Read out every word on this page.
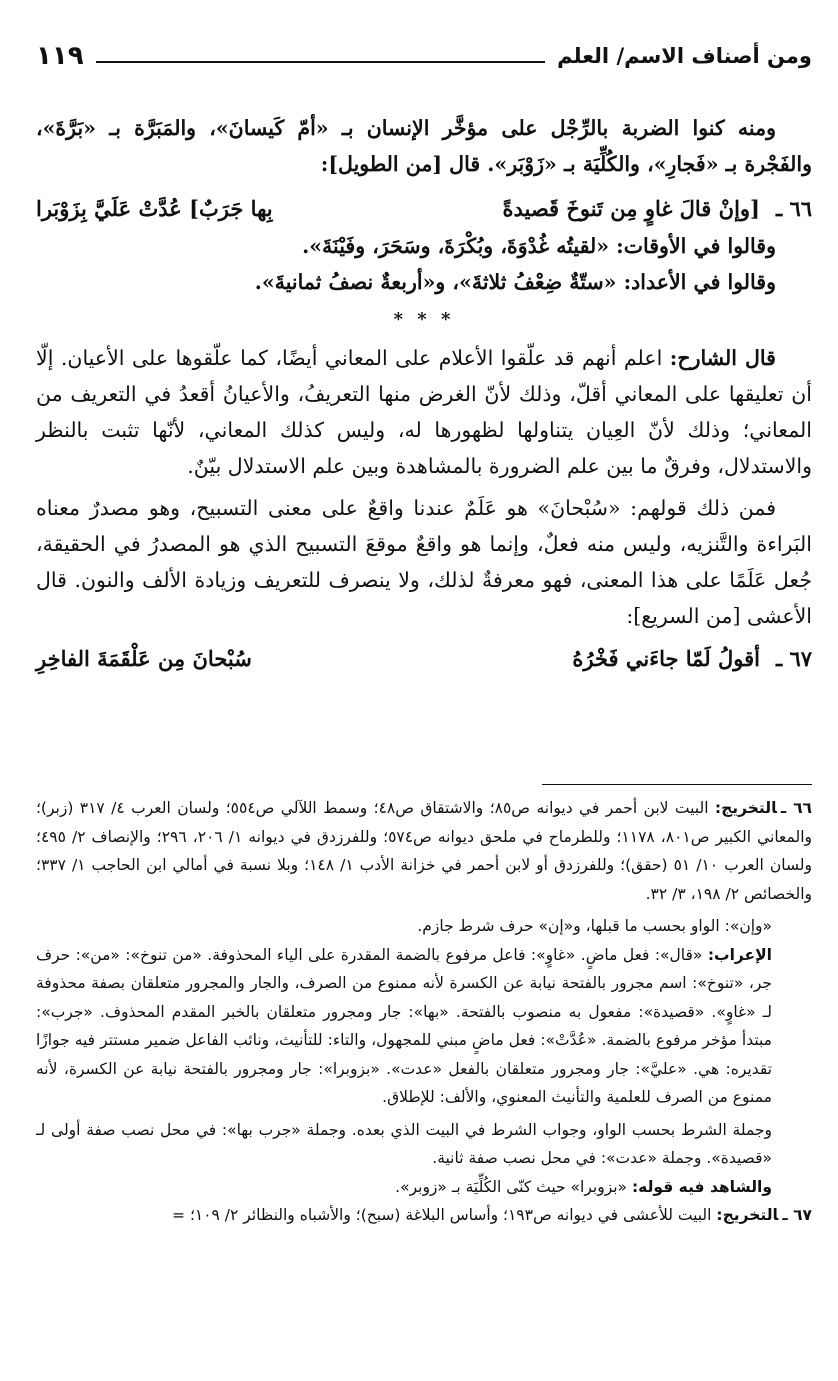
ومن أصناف الاسم/ العلم
١١٩

ومنه كنوا الضربة بالرِّجْل على مؤخَّر الإنسان بـ «أمّ كَيسانَ»، والمَبَرَّة بـ «بَرَّةَ»، والفَجْرة بـ «فَجارِ»، والكُلِّيَة بـ «زَوْبَر». قال [من الطويل]:

٦٦ ـ
[وإنْ قالَ غاوٍ مِن تَنوخَ قَصيدةً
بِها جَرَبٌ] عُدَّتْ عَلَيَّ بِزَوْبَرا

وقالوا في الأوقات: «لقيتُه غُدْوَةَ، وبُكْرَةَ، وسَحَرَ، وفَيْنَةَ».

وقالوا في الأعداد: «ستّةٌ ضِعْفُ ثلاثةَ»، و«أربعةٌ نصفُ ثمانيةَ».

* * *

قال الشارح: اعلم أنهم قد علّقوا الأعلام على المعاني أيضًا، كما علّقوها على الأعيان. إلّا أن تعليقها على المعاني أقلّ، وذلك لأنّ الغرض منها التعريفُ، والأعيانُ أقعدُ في التعريف من المعاني؛ وذلك لأنّ العِيان يتناولها لظهورها له، وليس كذلك المعاني، لأنّها تثبت بالنظر والاستدلال، وفرقٌ ما بين علم الضرورة بالمشاهدة وبين علم الاستدلال بيّنٌ.

فمن ذلك قولهم: «سُبْحانَ» هو عَلَمٌ عندنا واقعٌ على معنى التسبيح، وهو مصدرٌ معناه البَراءة والتَّنزيه، وليس منه فعلٌ، وإنما هو واقعٌ موقعَ التسبيح الذي هو المصدرُ في الحقيقة، جُعل عَلَمًا على هذا المعنى، فهو معرفةٌ لذلك، ولا ينصرف للتعريف وزيادة الألف والنون. قال الأعشى [من السريع]:

٦٧ ـ
أقولُ لَمّا جاءَني فَخْرُهُ
سُبْحانَ مِن عَلْقَمَةَ الفاخِرِ

٦٦ ـالتخريج: البيت لابن أحمر في ديوانه ص٨٥؛ والاشتقاق ص٤٨؛ وسمط اللآلي ص٥٥٤؛ ولسان العرب ٤/ ٣١٧ (زبر)؛ والمعاني الكبير ص٨٠١، ١١٧٨؛ وللطرماح في ملحق ديوانه ص٥٧٤؛ وللفرزدق في ديوانه ١/ ٢٠٦، ٢٩٦؛ والإنصاف ٢/ ٤٩٥؛ ولسان العرب ١٠/ ٥١ (حقق)؛ وللفرزدق أو لابن أحمر في خزانة الأدب ١/ ١٤٨؛ وبلا نسبة في أمالي ابن الحاجب ١/ ٣٣٧؛ والخصائص ٢/ ١٩٨، ٣/ ٣٢.

«وإن»: الواو بحسب ما قبلها، و«إن» حرف شرط جازم.

الإعراب: «قال»: فعل ماضٍ. «غاوٍ»: فاعل مرفوع بالضمة المقدرة على الياء المحذوفة. «من تنوخ»: «من»: حرف جر، «تنوخ»: اسم مجرور بالفتحة نيابة عن الكسرة لأنه ممنوع من الصرف، والجار والمجرور متعلقان بصفة محذوفة لـ «غاوٍ». «قصيدة»: مفعول به منصوب بالفتحة. «بها»: جار ومجرور متعلقان بالخبر المقدم المحذوف. «جرب»: مبتدأ مؤخر مرفوع بالضمة. «عُدَّتْ»: فعل ماضٍ مبني للمجهول، والتاء: للتأنيث، ونائب الفاعل ضمير مستتر فيه جوازًا تقديره: هي. «عليَّ»: جار ومجرور متعلقان بالفعل «عدت». «بزوبرا»: جار ومجرور بالفتحة نيابة عن الكسرة، لأنه ممنوع من الصرف للعلمية والتأنيث المعنوي، والألف: للإطلاق.

وجملة الشرط بحسب الواو، وجواب الشرط في البيت الذي بعده. وجملة «جرب بها»: في محل نصب صفة أولى لـ «قصيدة». وجملة «عدت»: في محل نصب صفة ثانية.

والشاهد فيه قوله: «بزوبرا» حيث كنّى الكُلِّيَة بـ «زوبر».

٦٧ ـالتخريج: البيت للأعشى في ديوانه ص١٩٣؛ وأساس البلاغة (سبح)؛ والأشباه والنظائر ٢/ ١٠٩؛ =
